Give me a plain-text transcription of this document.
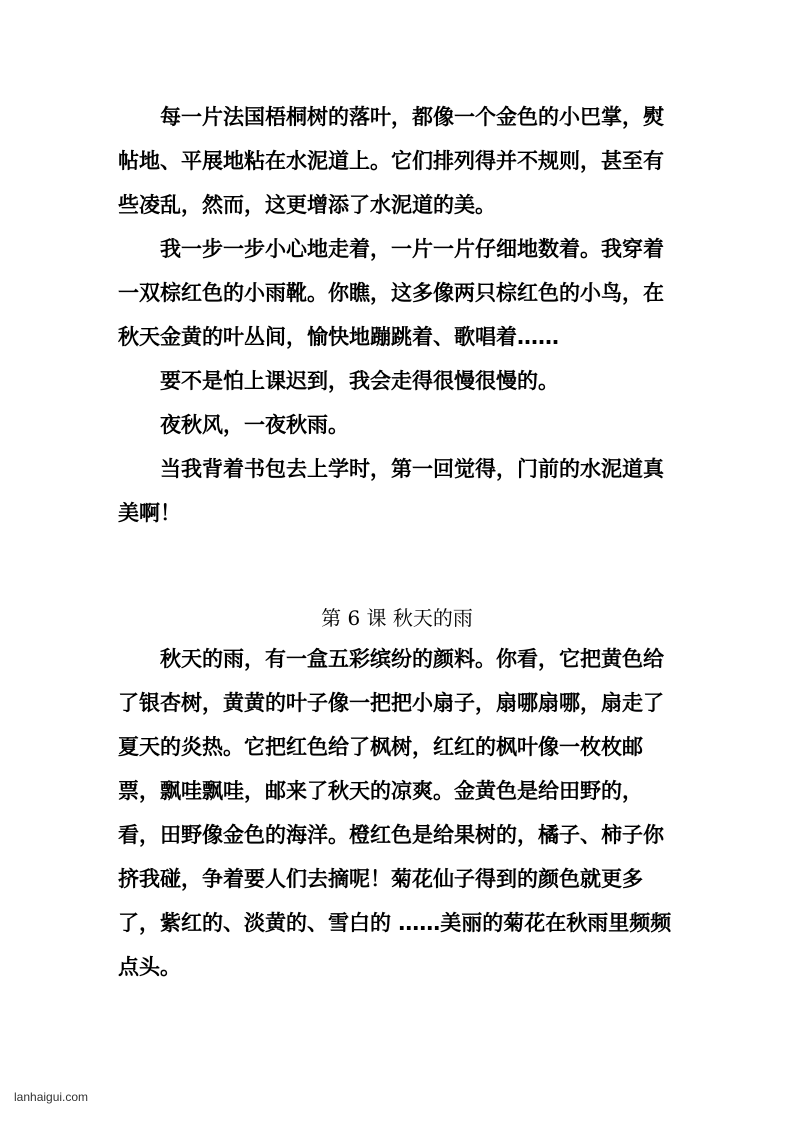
每一片法国梧桐树的落叶，都像一个金色的小巴掌，熨帖地、平展地粘在水泥道上。它们排列得并不规则，甚至有些凌乱，然而，这更增添了水泥道的美。

我一步一步小心地走着，一片一片仔细地数着。我穿着一双棕红色的小雨靴。你瞧，这多像两只棕红色的小鸟，在秋天金黄的叶丛间，愉快地蹦跳着、歌唱着……

要不是怕上课迟到，我会走得很慢很慢的。

夜秋风，一夜秋雨。

当我背着书包去上学时，第一回觉得，门前的水泥道真美啊！

第 6 课 秋天的雨

秋天的雨，有一盒五彩缤纷的颜料。你看，它把黄色给了银杏树，黄黄的叶子像一把把小扇子，扇哪扇哪，扇走了夏天的炎热。它把红色给了枫树，红红的枫叶像一枚枚邮票，飘哇飘哇，邮来了秋天的凉爽。金黄色是给田野的，看，田野像金色的海洋。橙红色是给果树的，橘子、柿子你挤我碰，争着要人们去摘呢！菊花仙子得到的颜色就更多了，紫红的、淡黄的、雪白的 ……美丽的菊花在秋雨里频频点头。

lanhaigui.com
